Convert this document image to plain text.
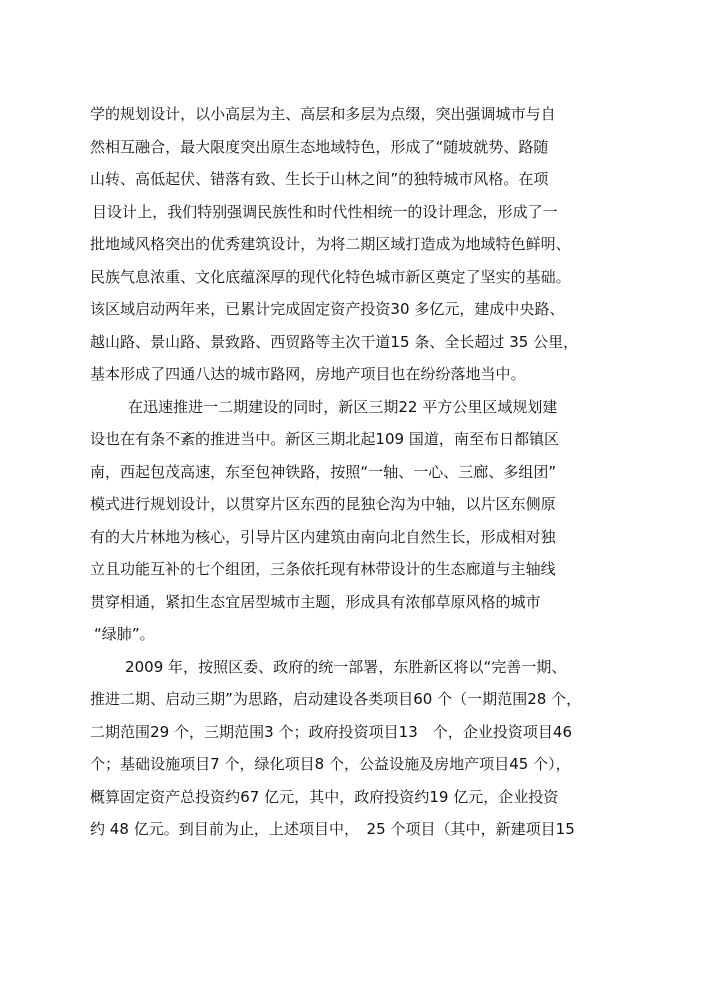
学的规划设计，以小高层为主、高层和多层为点缀，突出强调城市与自
然相互融合，最大限度突出原生态地域特色，形成了“随坡就势、路随
山转、高低起伏、错落有致、生长于山林之间”的独特城市风格。在项
目设计上，我们特别强调民族性和时代性相统一的设计理念，形成了一
批地域风格突出的优秀建筑设计，为将二期区域打造成为地域特色鲜明、
民族气息浓重、文化底蕴深厚的现代化特色城市新区奠定了坚实的基础。
该区域启动两年来，已累计完成固定资产投资30 多亿元，建成中央路、
越山路、景山路、景致路、西贸路等主次干道15 条、全长超过 35 公里，
基本形成了四通八达的城市路网，房地产项目也在纷纷落地当中。
在迅速推进一二期建设的同时，新区三期22 平方公里区域规划建
设也在有条不紊的推进当中。新区三期北起109 国道，南至布日都镇区
南，西起包茂高速，东至包神铁路，按照“一轴、一心、三廊、多组团”
模式进行规划设计，以贯穿片区东西的昆独仑沟为中轴，以片区东侧原
有的大片林地为核心，引导片区内建筑由南向北自然生长，形成相对独
立且功能互补的七个组团，三条依托现有林带设计的生态廊道与主轴线
贯穿相通，紧扣生态宜居型城市主题，形成具有浓郁草原风格的城市
“绿肺”。
2009 年，按照区委、政府的统一部署，东胜新区将以“完善一期、
推进二期、启动三期”为思路，启动建设各类项目60 个（一期范围28 个，
二期范围29 个，三期范围3 个；政府投资项目13　个，企业投资项目46
个；基础设施项目7 个，绿化项目8 个，公益设施及房地产项目45 个），
概算固定资产总投资约67 亿元，其中，政府投资约19 亿元，企业投资
约 48 亿元。到目前为止，上述项目中，　25 个项目（其中，新建项目15
